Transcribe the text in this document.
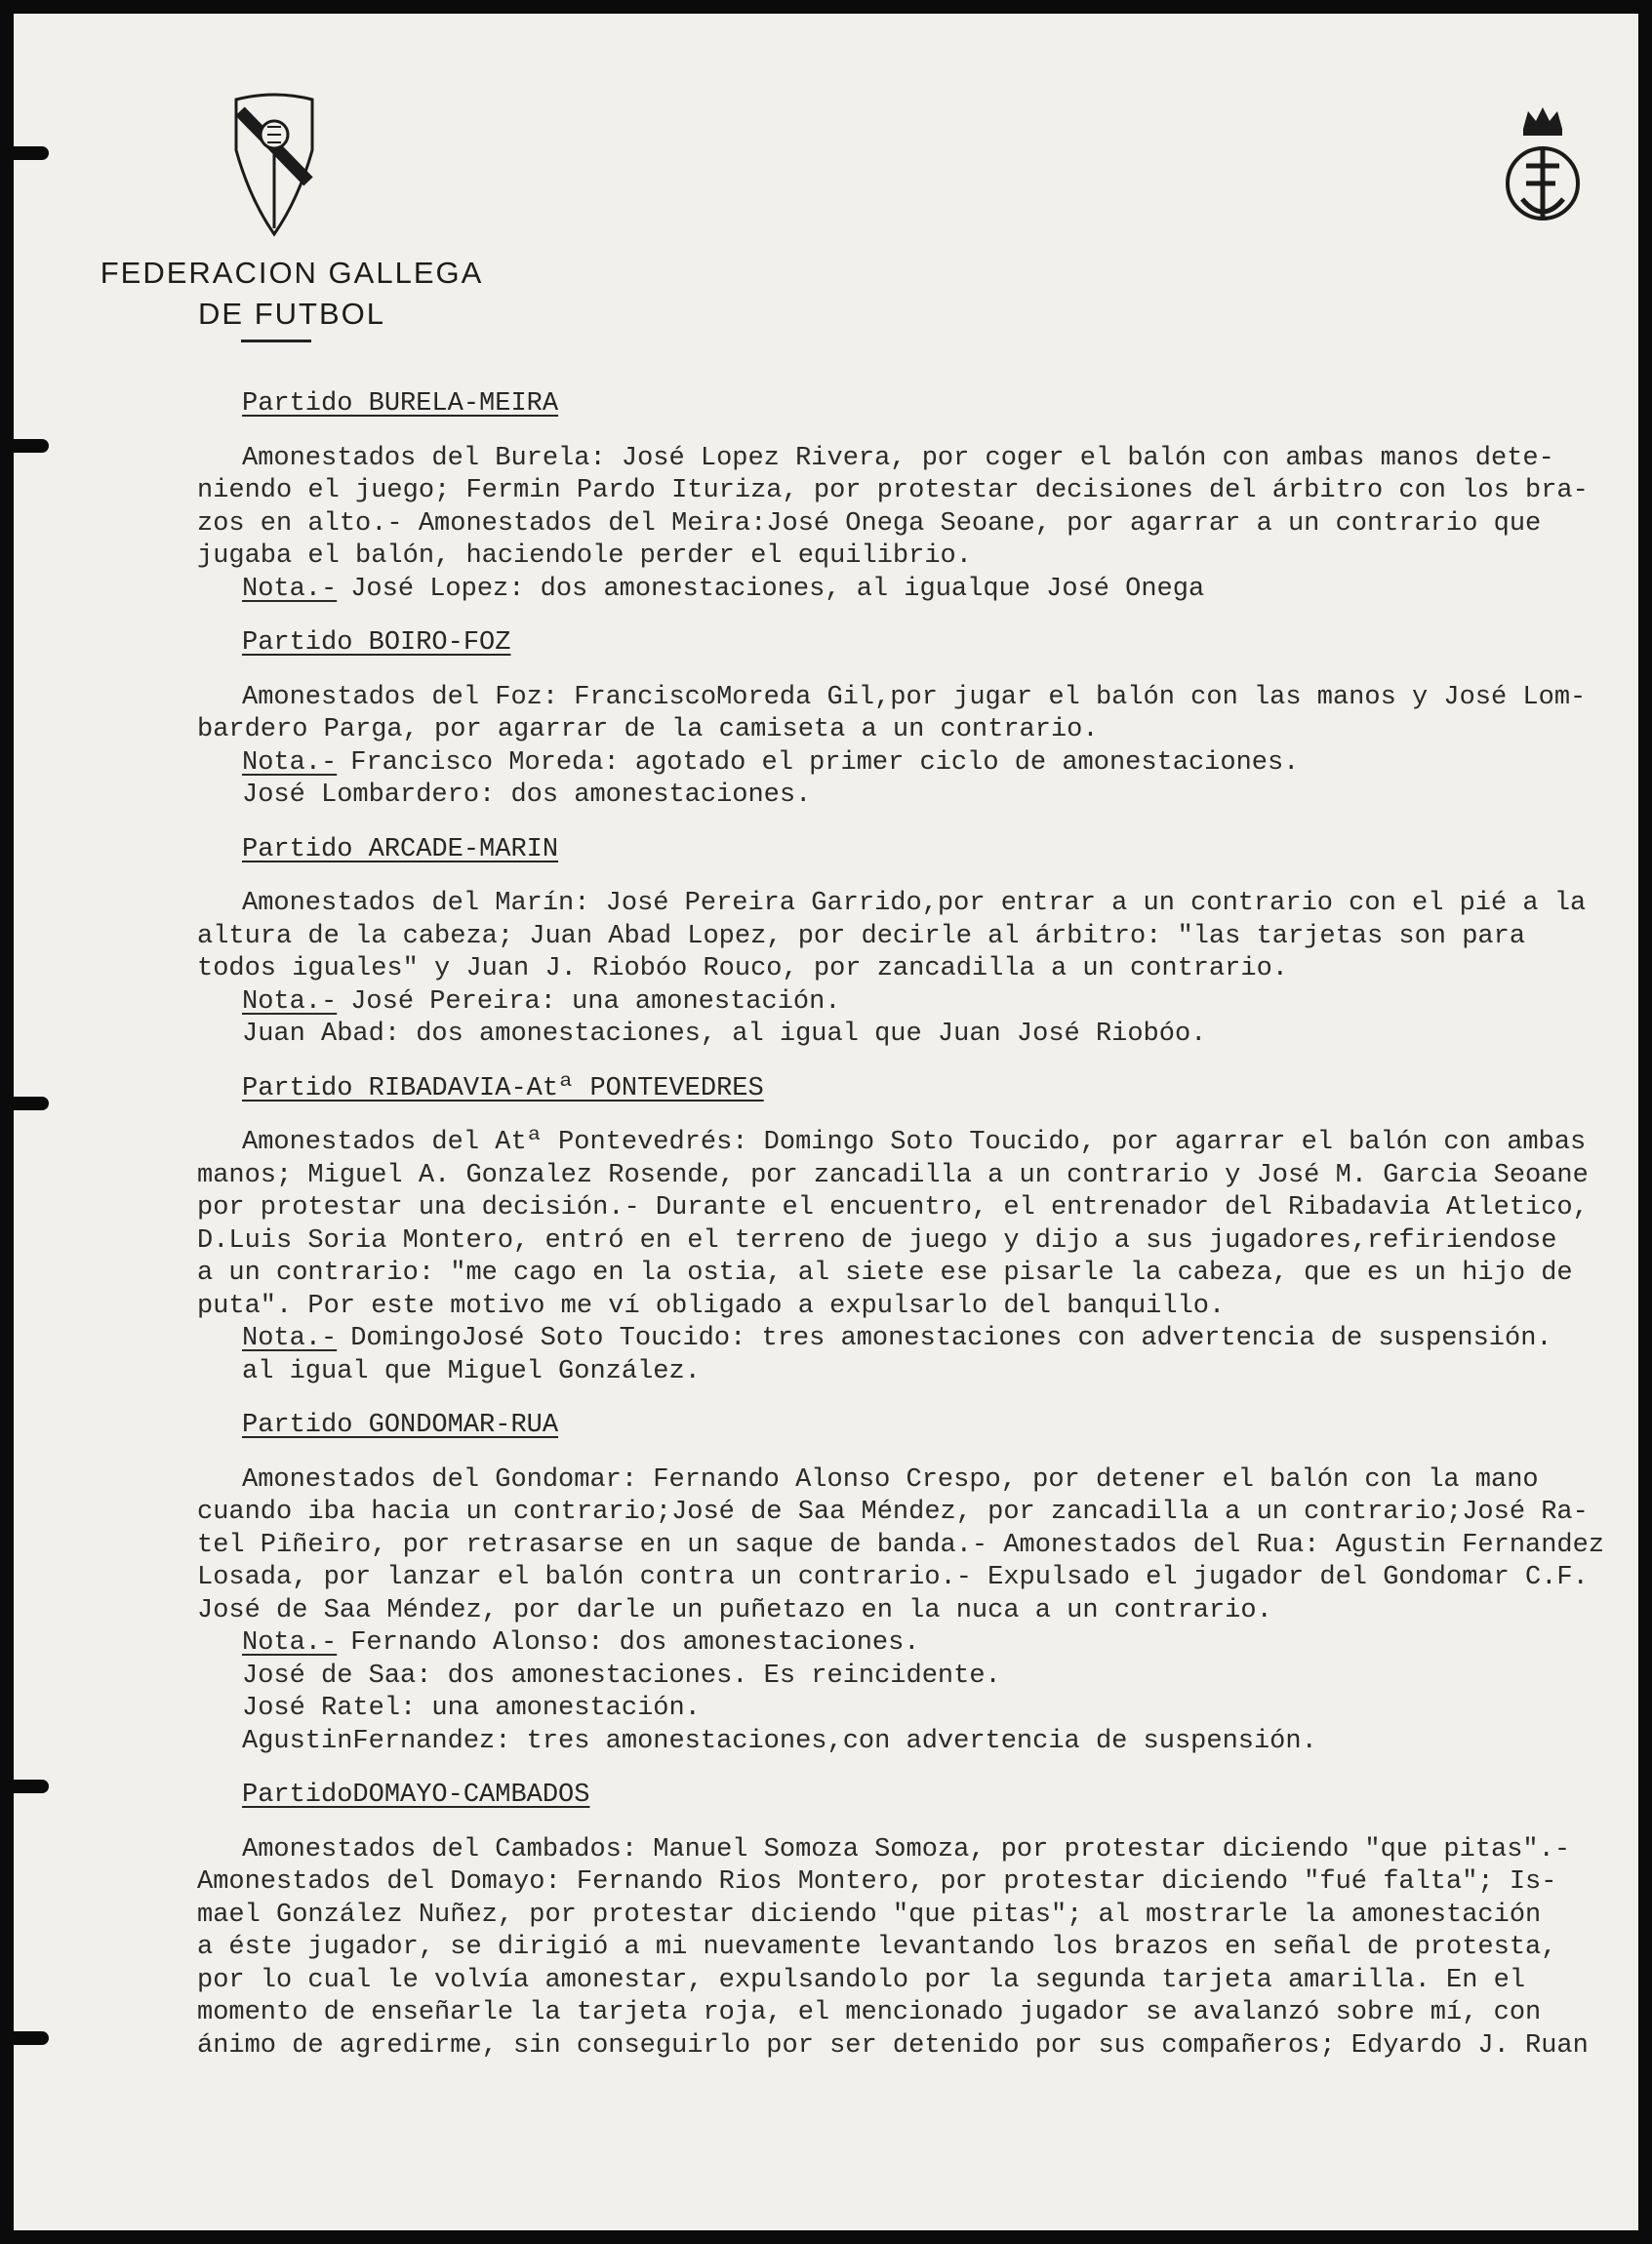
FEDERACION GALLEGA
DE FUTBOL
Partido BURELA-MEIRA

Amonestados del Burela: José Lopez Rivera, por coger el balón con ambas manos dete-
niendo el juego; Fermin Pardo Ituriza, por protestar decisiones del árbitro con los bra-
zos en alto.- Amonestados del Meira:José Onega Seoane, por agarrar a un contrario que
jugaba el balón, haciendole perder el equilibrio.

Nota.- José Lopez: dos amonestaciones, al igualque José Onega
Partido BOIRO-FOZ

Amonestados del Foz: FranciscoMoreda Gil,por jugar el balón con las manos y José Lom-
bardero Parga, por agarrar de la camiseta a un contrario.

Nota.- Francisco Moreda: agotado el primer ciclo de amonestaciones.
José Lombardero: dos amonestaciones.
Partido ARCADE-MARIN

Amonestados del Marín: José Pereira Garrido,por entrar a un contrario con el pié a la
altura de la cabeza; Juan Abad Lopez, por decirle al árbitro: "las tarjetas son para
todos iguales" y Juan J. Riobóo Rouco, por zancadilla a un contrario.

Nota.- José Pereira: una amonestación.
Juan Abad: dos amonestaciones, al igual que Juan José Riobóo.
Partido RIBADAVIA-Atª PONTEVEDRES

Amonestados del Atª Pontevedrés: Domingo Soto Toucido, por agarrar el balón con ambas
manos; Miguel A. Gonzalez Rosende, por zancadilla a un contrario y José M. Garcia Seoane
por protestar una decisión.- Durante el encuentro, el entrenador del Ribadavia Atletico,
D.Luis Soria Montero, entró en el terreno de juego y dijo a sus jugadores,refiriendose
a un contrario: "me cago en la ostia, al siete ese pisarle la cabeza, que es un hijo de
puta". Por este motivo me ví obligado a expulsarlo del banquillo.

Nota.- DomingoJosé Soto Toucido: tres amonestaciones con advertencia de suspensión.
al igual que Miguel González.
Partido GONDOMAR-RUA

Amonestados del Gondomar: Fernando Alonso Crespo, por detener el balón con la mano
cuando iba hacia un contrario;José de Saa Méndez, por zancadilla a un contrario;José Ra-
tel Piñeiro, por retrasarse en un saque de banda.- Amonestados del Rua: Agustin Fernandez
Losada, por lanzar el balón contra un contrario.- Expulsado el jugador del Gondomar C.F.
José de Saa Méndez, por darle un puñetazo en la nuca a un contrario.

Nota.- Fernando Alonso: dos amonestaciones.
José de Saa: dos amonestaciones. Es reincidente.
José Ratel: una amonestación.
AgustinFernandez: tres amonestaciones,con advertencia de suspensión.
PartidoDOMAYO-CAMBADOS

Amonestados del Cambados: Manuel Somoza Somoza, por protestar diciendo "que pitas".-
Amonestados del Domayo: Fernando Rios Montero, por protestar diciendo "fué falta"; Is-
mael González Nuñez, por protestar diciendo "que pitas"; al mostrarle la amonestación
a éste jugador, se dirigió a mi nuevamente levantando los brazos en señal de protesta,
por lo cual le volvía amonestar, expulsandolo por la segunda tarjeta amarilla. En el
momento de enseñarle la tarjeta roja, el mencionado jugador se avalanzó sobre mí, con
ánimo de agredirme, sin conseguirlo por ser detenido por sus compañeros; Edyardo J. Ruan
